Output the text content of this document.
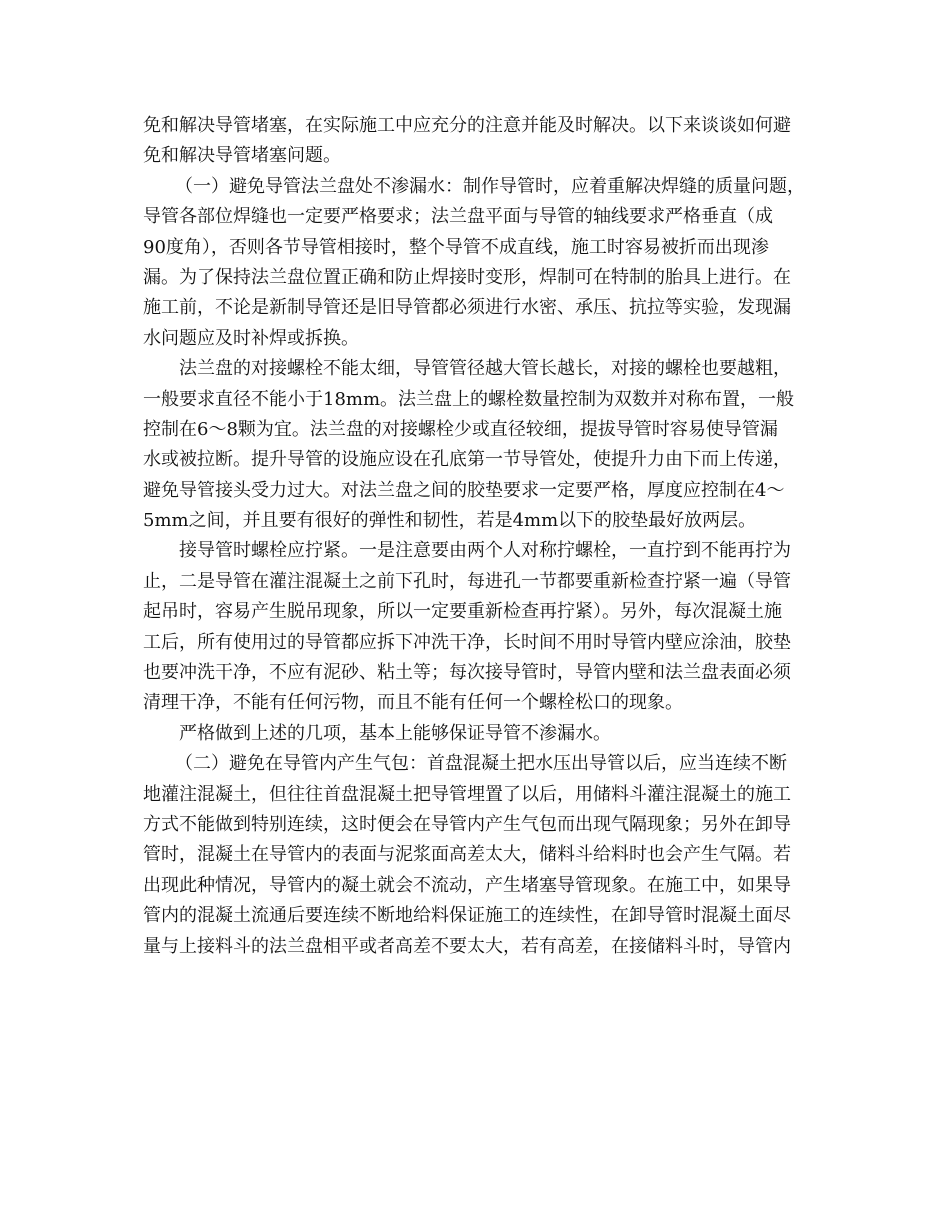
免和解决导管堵塞，在实际施工中应充分的注意并能及时解决。以下来谈谈如何避
免和解决导管堵塞问题。
（一）避免导管法兰盘处不渗漏水：制作导管时，应着重解决焊缝的质量问题，
导管各部位焊缝也一定要严格要求；法兰盘平面与导管的轴线要求严格垂直（成
90度角），否则各节导管相接时，整个导管不成直线，施工时容易被折而出现渗
漏。为了保持法兰盘位置正确和防止焊接时变形，焊制可在特制的胎具上进行。在
施工前，不论是新制导管还是旧导管都必须进行水密、承压、抗拉等实验，发现漏
水问题应及时补焊或拆换。
法兰盘的对接螺栓不能太细，导管管径越大管长越长，对接的螺栓也要越粗，
一般要求直径不能小于18mm。法兰盘上的螺栓数量控制为双数并对称布置，一般
控制在6～8颗为宜。法兰盘的对接螺栓少或直径较细，提拔导管时容易使导管漏
水或被拉断。提升导管的设施应设在孔底第一节导管处，使提升力由下而上传递，
避免导管接头受力过大。对法兰盘之间的胶垫要求一定要严格，厚度应控制在4～
5mm之间，并且要有很好的弹性和韧性，若是4mm以下的胶垫最好放两层。
接导管时螺栓应拧紧。一是注意要由两个人对称拧螺栓，一直拧到不能再拧为
止，二是导管在灌注混凝土之前下孔时，每进孔一节都要重新检查拧紧一遍（导管
起吊时，容易产生脱吊现象，所以一定要重新检查再拧紧）。另外，每次混凝土施
工后，所有使用过的导管都应拆下冲洗干净，长时间不用时导管内壁应涂油，胶垫
也要冲洗干净，不应有泥砂、粘土等；每次接导管时，导管内壁和法兰盘表面必须
清理干净，不能有任何污物，而且不能有任何一个螺栓松口的现象。
严格做到上述的几项，基本上能够保证导管不渗漏水。
（二）避免在导管内产生气包：首盘混凝土把水压出导管以后，应当连续不断
地灌注混凝土，但往往首盘混凝土把导管埋置了以后，用储料斗灌注混凝土的施工
方式不能做到特别连续，这时便会在导管内产生气包而出现气隔现象；另外在卸导
管时，混凝土在导管内的表面与泥浆面高差太大，储料斗给料时也会产生气隔。若
出现此种情况，导管内的凝土就会不流动，产生堵塞导管现象。在施工中，如果导
管内的混凝土流通后要连续不断地给料保证施工的连续性，在卸导管时混凝土面尽
量与上接料斗的法兰盘相平或者高差不要太大，若有高差，在接储料斗时，导管内
